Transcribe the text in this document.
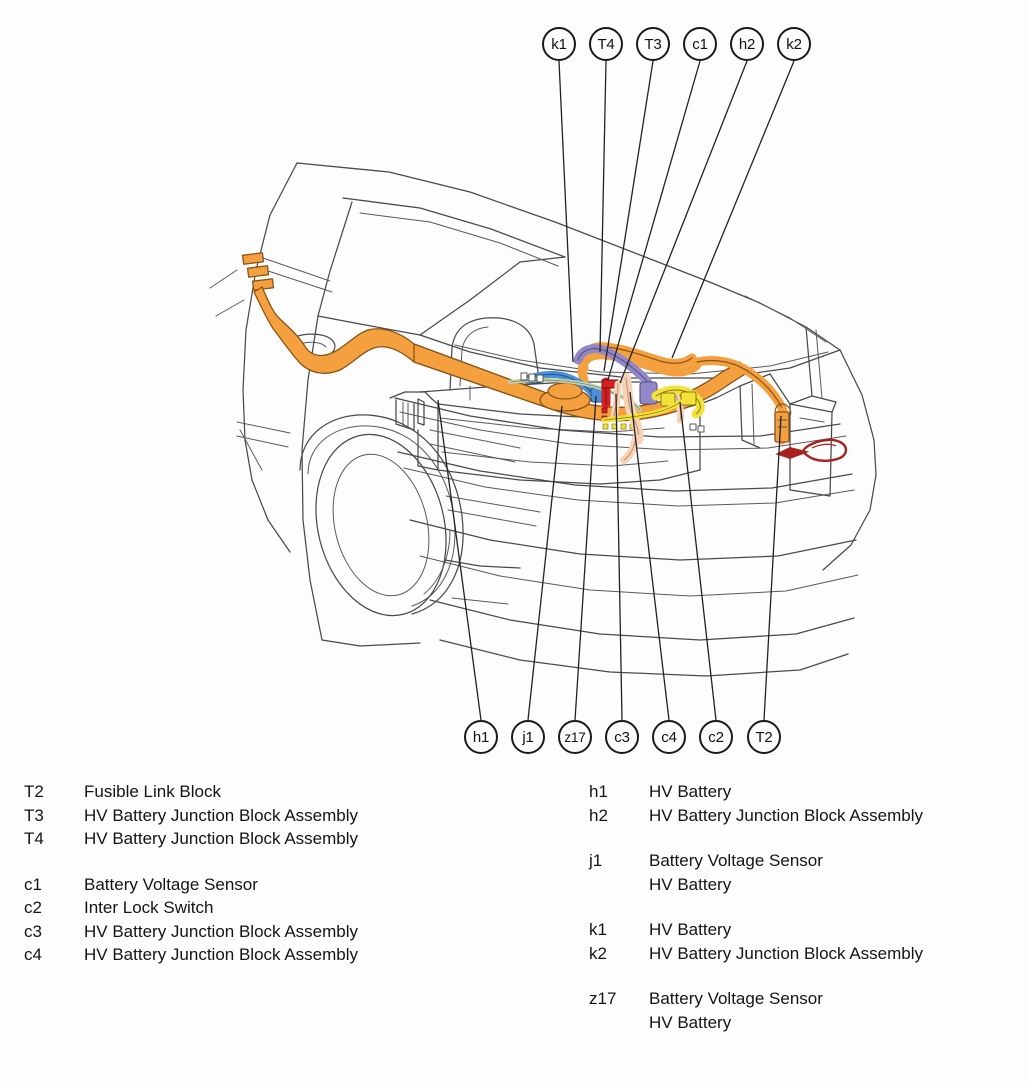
k1 T4 T3 c1 h2 k2
h1 j1 z17 c3 c4 c2 T2
T2	Fusible Link Block
T3	HV Battery Junction Block Assembly
T4	HV Battery Junction Block Assembly
c1	Battery Voltage Sensor
c2	Inter Lock Switch
c3	HV Battery Junction Block Assembly
c4	HV Battery Junction Block Assembly
h1	HV Battery
h2	HV Battery Junction Block Assembly
j1	Battery Voltage Sensor
HV Battery
k1	HV Battery
k2	HV Battery Junction Block Assembly
z17	Battery Voltage Sensor
HV Battery
